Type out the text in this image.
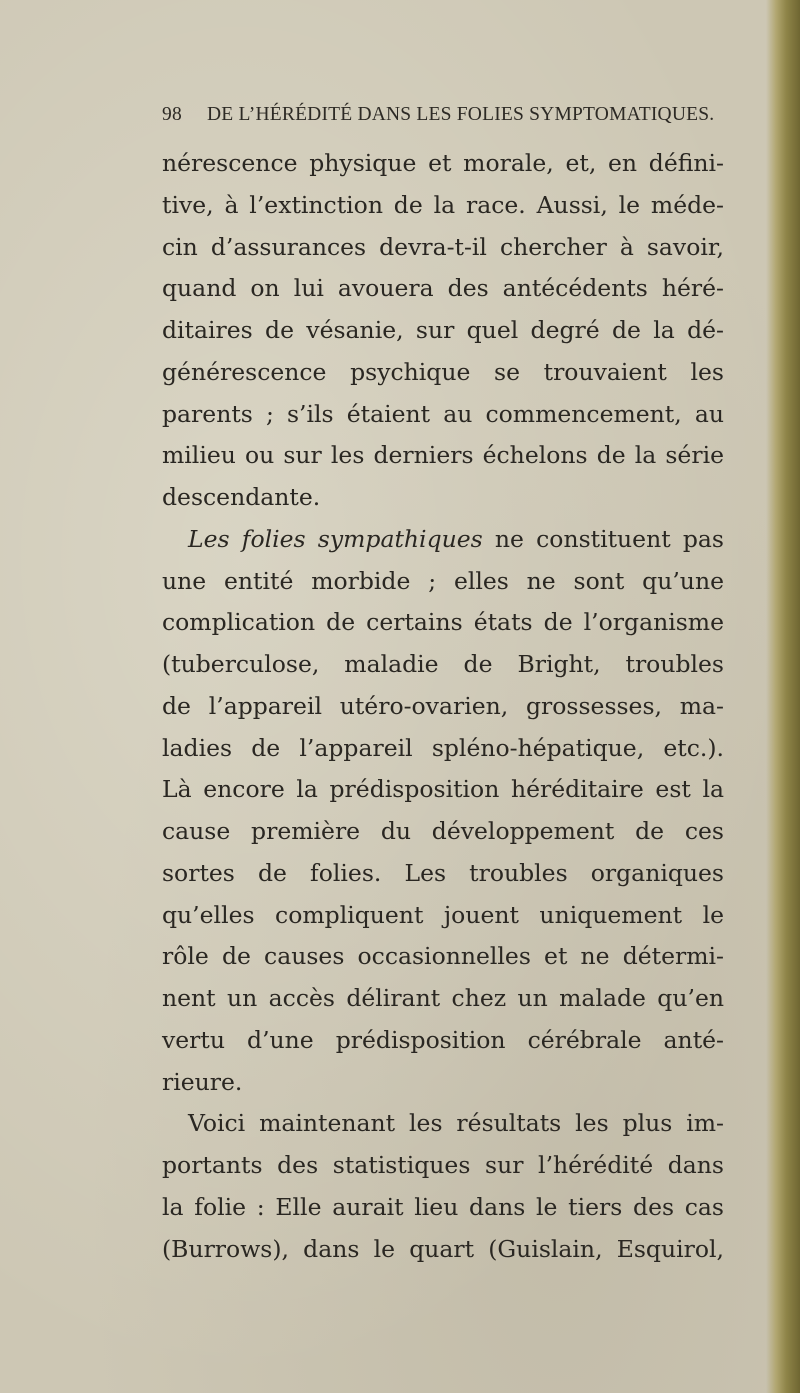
98 DE L’HÉRÉDITÉ DANS LES FOLIES SYMPTOMATIQUES.
nérescence physique et morale, et, en défini-
tive, à l’extinction de la race. Aussi, le méde-
cin d’assurances devra-t-il chercher à savoir,
quand on lui avouera des antécédents héré-
ditaires de vésanie, sur quel degré de la dé-
générescence psychique se trouvaient les
parents ; s’ils étaient au commencement, au
milieu ou sur les derniers échelons de la série
descendante.
Les folies sympathiques ne constituent pas
une entité morbide ; elles ne sont qu’une
complication de certains états de l’organisme
(tuberculose, maladie de Bright, troubles
de l’appareil utéro-ovarien, grossesses, ma-
ladies de l’appareil spléno-hépatique, etc.).
Là encore la prédisposition héréditaire est la
cause première du développement de ces
sortes de folies. Les troubles organiques
qu’elles compliquent jouent uniquement le
rôle de causes occasionnelles et ne détermi-
nent un accès délirant chez un malade qu’en
vertu d’une prédisposition cérébrale anté-
rieure.
Voici maintenant les résultats les plus im-
portants des statistiques sur l’hérédité dans
la folie : Elle aurait lieu dans le tiers des cas
(Burrows), dans le quart (Guislain, Esquirol,
